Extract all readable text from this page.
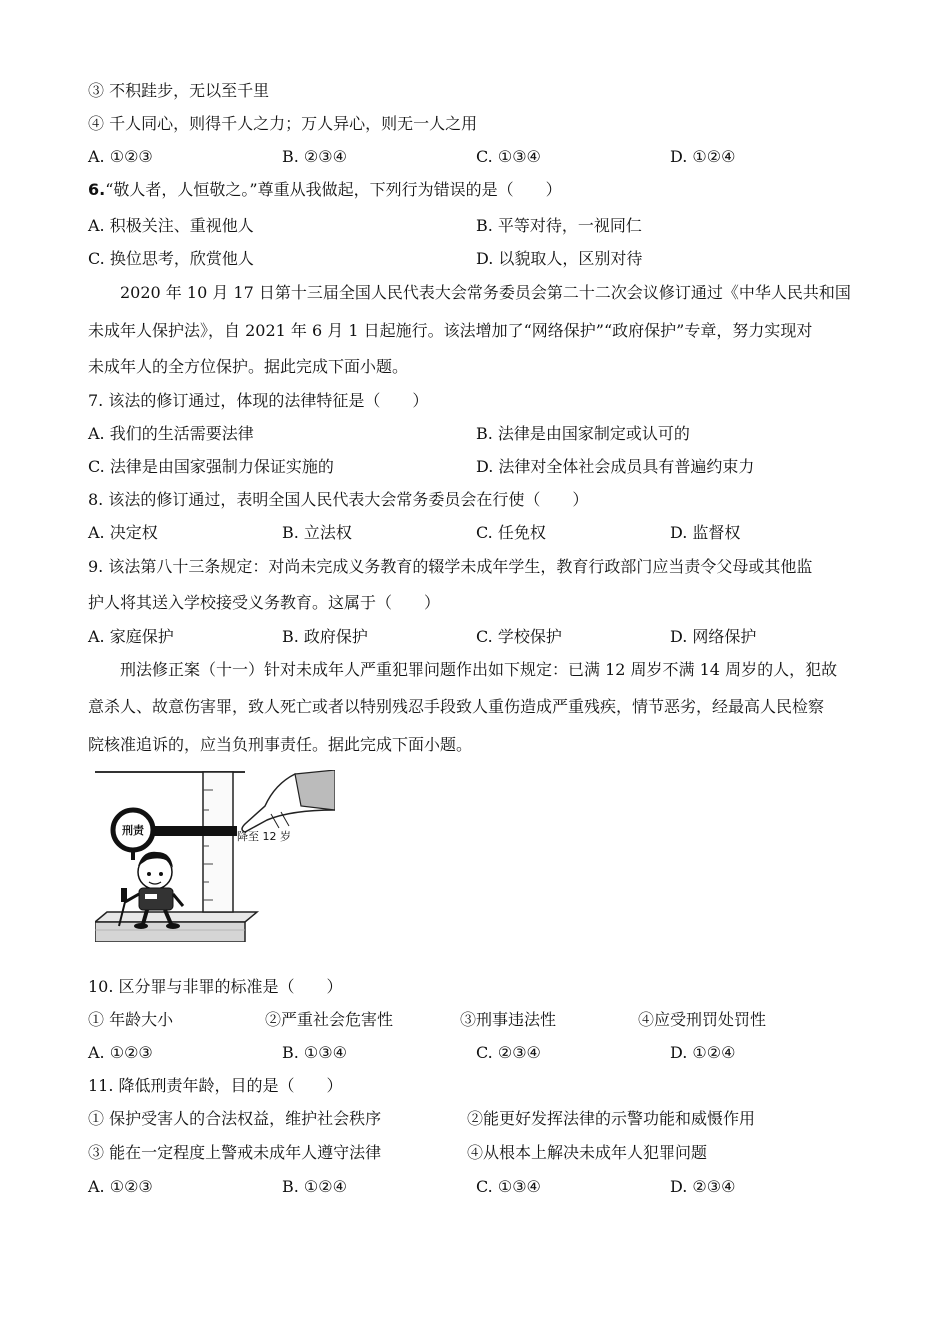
③ 不积跬步，无以至千里
④ 千人同心，则得千人之力；万人异心，则无一人之用
A. ①②③	B. ②③④	C. ①③④	D. ①②④
6.“敬人者，人恒敬之。”尊重从我做起，下列行为错误的是（　　）
A. 积极关注、重视他人	B. 平等对待，一视同仁
C. 换位思考，欣赏他人	D. 以貌取人，区别对待
2020 年 10 月 17 日第十三届全国人民代表大会常务委员会第二十二次会议修订通过《中华人民共和国
未成年人保护法》，自 2021 年 6 月 1 日起施行。该法增加了“网络保护”“政府保护”专章，努力实现对
未成年人的全方位保护。据此完成下面小题。
7. 该法的修订通过，体现的法律特征是（　　）
A. 我们的生活需要法律	B. 法律是由国家制定或认可的
C. 法律是由国家强制力保证实施的	D. 法律对全体社会成员具有普遍约束力
8. 该法的修订通过，表明全国人民代表大会常务委员会在行使（　　）
A. 决定权	B. 立法权	C. 任免权	D. 监督权
9. 该法第八十三条规定：对尚未完成义务教育的辍学未成年学生，教育行政部门应当责令父母或其他监
护人将其送入学校接受义务教育。这属于（　　）
A. 家庭保护	B. 政府保护	C. 学校保护	D. 网络保护
刑法修正案（十一）针对未成年人严重犯罪问题作出如下规定：已满 12 周岁不满 14 周岁的人，犯故
意杀人、故意伤害罪，致人死亡或者以特别残忍手段致人重伤造成严重残疾，情节恶劣，经最高人民检察
院核准追诉的，应当负刑事责任。据此完成下面小题。
降至 12 岁
刑责
10. 区分罪与非罪的标准是（　　）
① 年龄大小	②严重社会危害性	③刑事违法性	④应受刑罚处罚性
A. ①②③	B. ①③④	C. ②③④	D. ①②④
11. 降低刑责年龄，目的是（　　）
① 保护受害人的合法权益，维护社会秩序	②能更好发挥法律的示警功能和威慑作用
③ 能在一定程度上警戒未成年人遵守法律	④从根本上解决未成年人犯罪问题
A. ①②③	B. ①②④	C. ①③④	D. ②③④
